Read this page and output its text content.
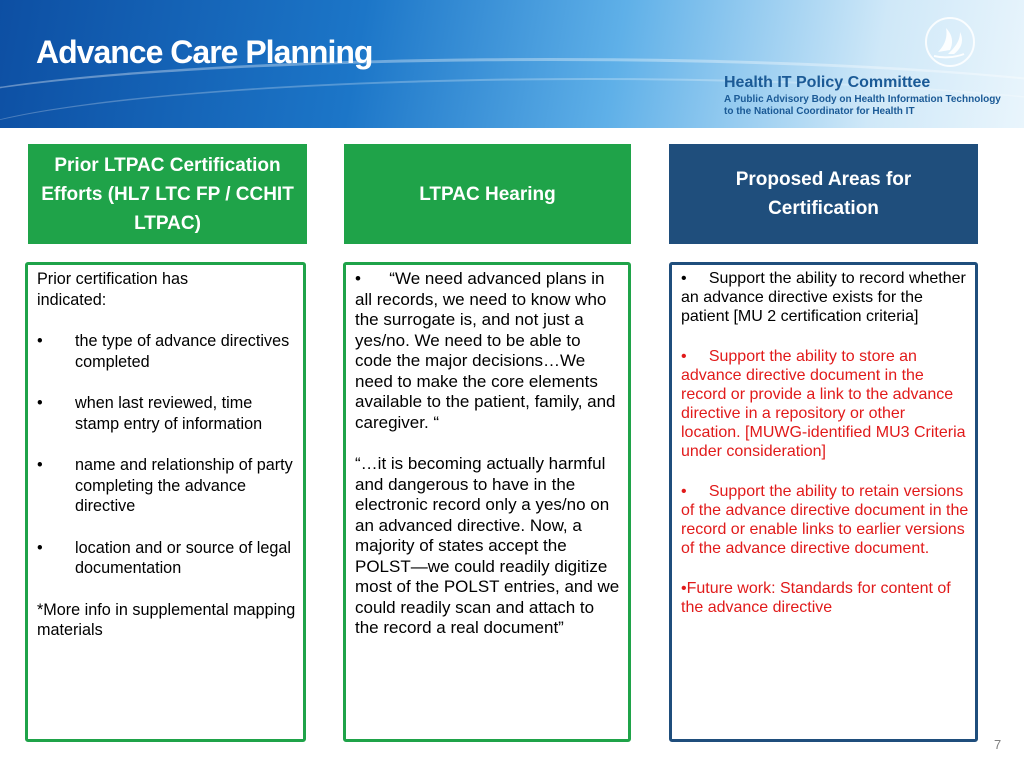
Advance Care Planning
Health IT Policy Committee
A Public Advisory Body on Health Information Technology
to the National Coordinator for Health IT
Prior LTPAC Certification Efforts (HL7 LTC FP / CCHIT LTPAC)
LTPAC Hearing
Proposed Areas for Certification
Prior certification has indicated:
•	the type of advance directives completed
•	when last reviewed, time stamp entry of information
•	name and relationship of party completing the advance directive
•	location and or source of legal documentation
*More info in supplemental mapping materials
•      “We need advanced plans in all records, we need to know who the surrogate is, and not just a yes/no. We need to be able to code the major decisions…We need to make the core elements available to the patient, family, and caregiver. “
“…it is becoming actually harmful and dangerous to have in the electronic record only a yes/no on an advanced directive. Now, a majority of states accept the POLST—we could readily digitize most of the POLST entries, and we could readily scan and attach to the record a real document”
•     Support the ability to record whether an advance directive exists for the patient [MU 2 certification criteria]
•     Support the ability to store an advance directive document in the record or provide a link to the advance directive in a repository or other location. [MUWG-identified MU3 Criteria under consideration]
•     Support the ability to retain versions of the advance directive document in the record or enable links to earlier versions of the advance directive document.
•Future work: Standards for content of the advance directive
7
